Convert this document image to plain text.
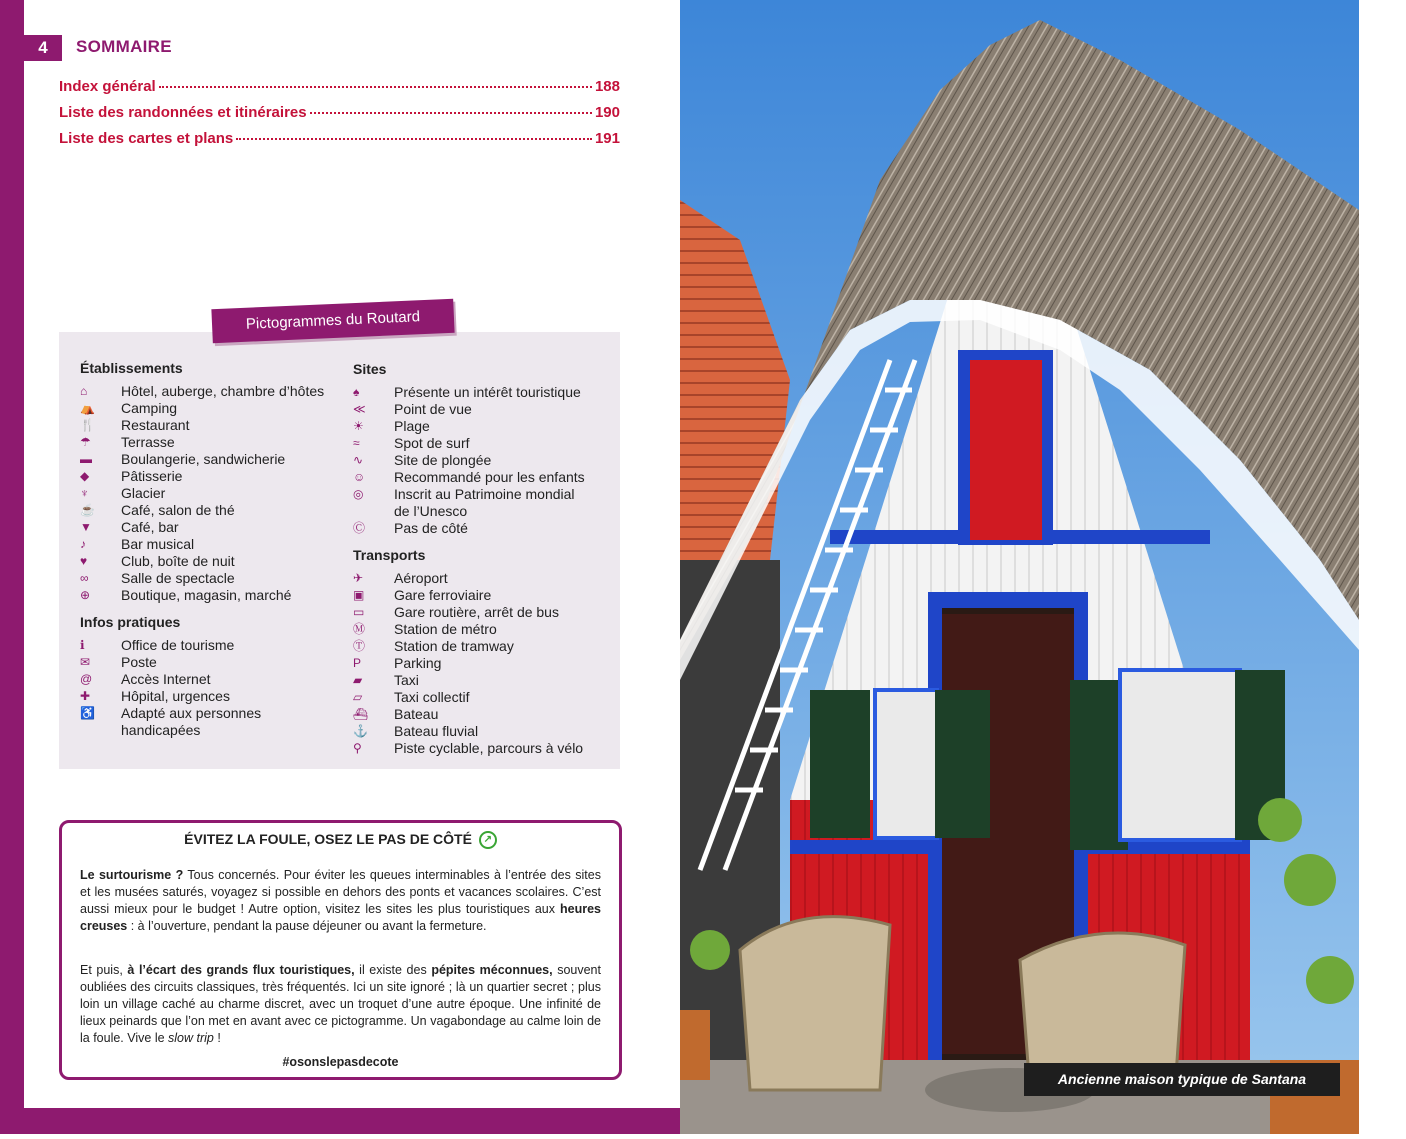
4	SOMMAIRE
Index général	188
Liste des randonnées et itinéraires	190
Liste des cartes et plans	191
Pictogrammes du Routard
Établissements
⌂	Hôtel, auberge, chambre d’hôtes
⛺	Camping
🍴	Restaurant
☂	Terrasse
▬	Boulangerie, sandwicherie
◆	Pâtisserie
♆	Glacier
☕	Café, salon de thé
▼	Café, bar
♪	Bar musical
♥	Club, boîte de nuit
∞	Salle de spectacle
⊕	Boutique, magasin, marché
Infos pratiques
ℹ	Office de tourisme
✉	Poste
@	Accès Internet
✚	Hôpital, urgences
♿	Adapté aux personnes
handicapées
Sites
♠	Présente un intérêt touristique
≪	Point de vue
☀	Plage
≈	Spot de surf
∿	Site de plongée
☺	Recommandé pour les enfants
◎	Inscrit au Patrimoine mondial
de l’Unesco
Ⓒ	Pas de côté
Transports
✈	Aéroport
▣	Gare ferroviaire
▭	Gare routière, arrêt de bus
Ⓜ	Station de métro
Ⓣ	Station de tramway
P	Parking
▰	Taxi
▱	Taxi collectif
⛴	Bateau
⚓	Bateau fluvial
⚲	Piste cyclable, parcours à vélo
ÉVITEZ LA FOULE, OSEZ LE PAS DE CÔTÉ ↗
Le surtourisme ? Tous concernés. Pour éviter les queues interminables à l’entrée des sites et les musées saturés, voyagez si possible en dehors des ponts et vacances scolaires. C’est aussi mieux pour le budget ! Autre option, visitez les sites les plus touristiques aux heures creuses : à l’ouverture, pendant la pause déjeuner ou avant la fermeture.
Et puis, à l’écart des grands flux touristiques, il existe des pépites méconnues, souvent oubliées des circuits classiques, très fréquentés. Ici un site ignoré ; là un quartier secret ; plus loin un village caché au charme discret, avec un troquet d’une autre époque. Une infinité de lieux peinards que l’on met en avant avec ce pictogramme. Un vagabondage au calme loin de la foule. Vive le slow trip !
#osonslepasdecote	© Guiziou Franck/hemis.fr
Ancienne maison typique de Santana
